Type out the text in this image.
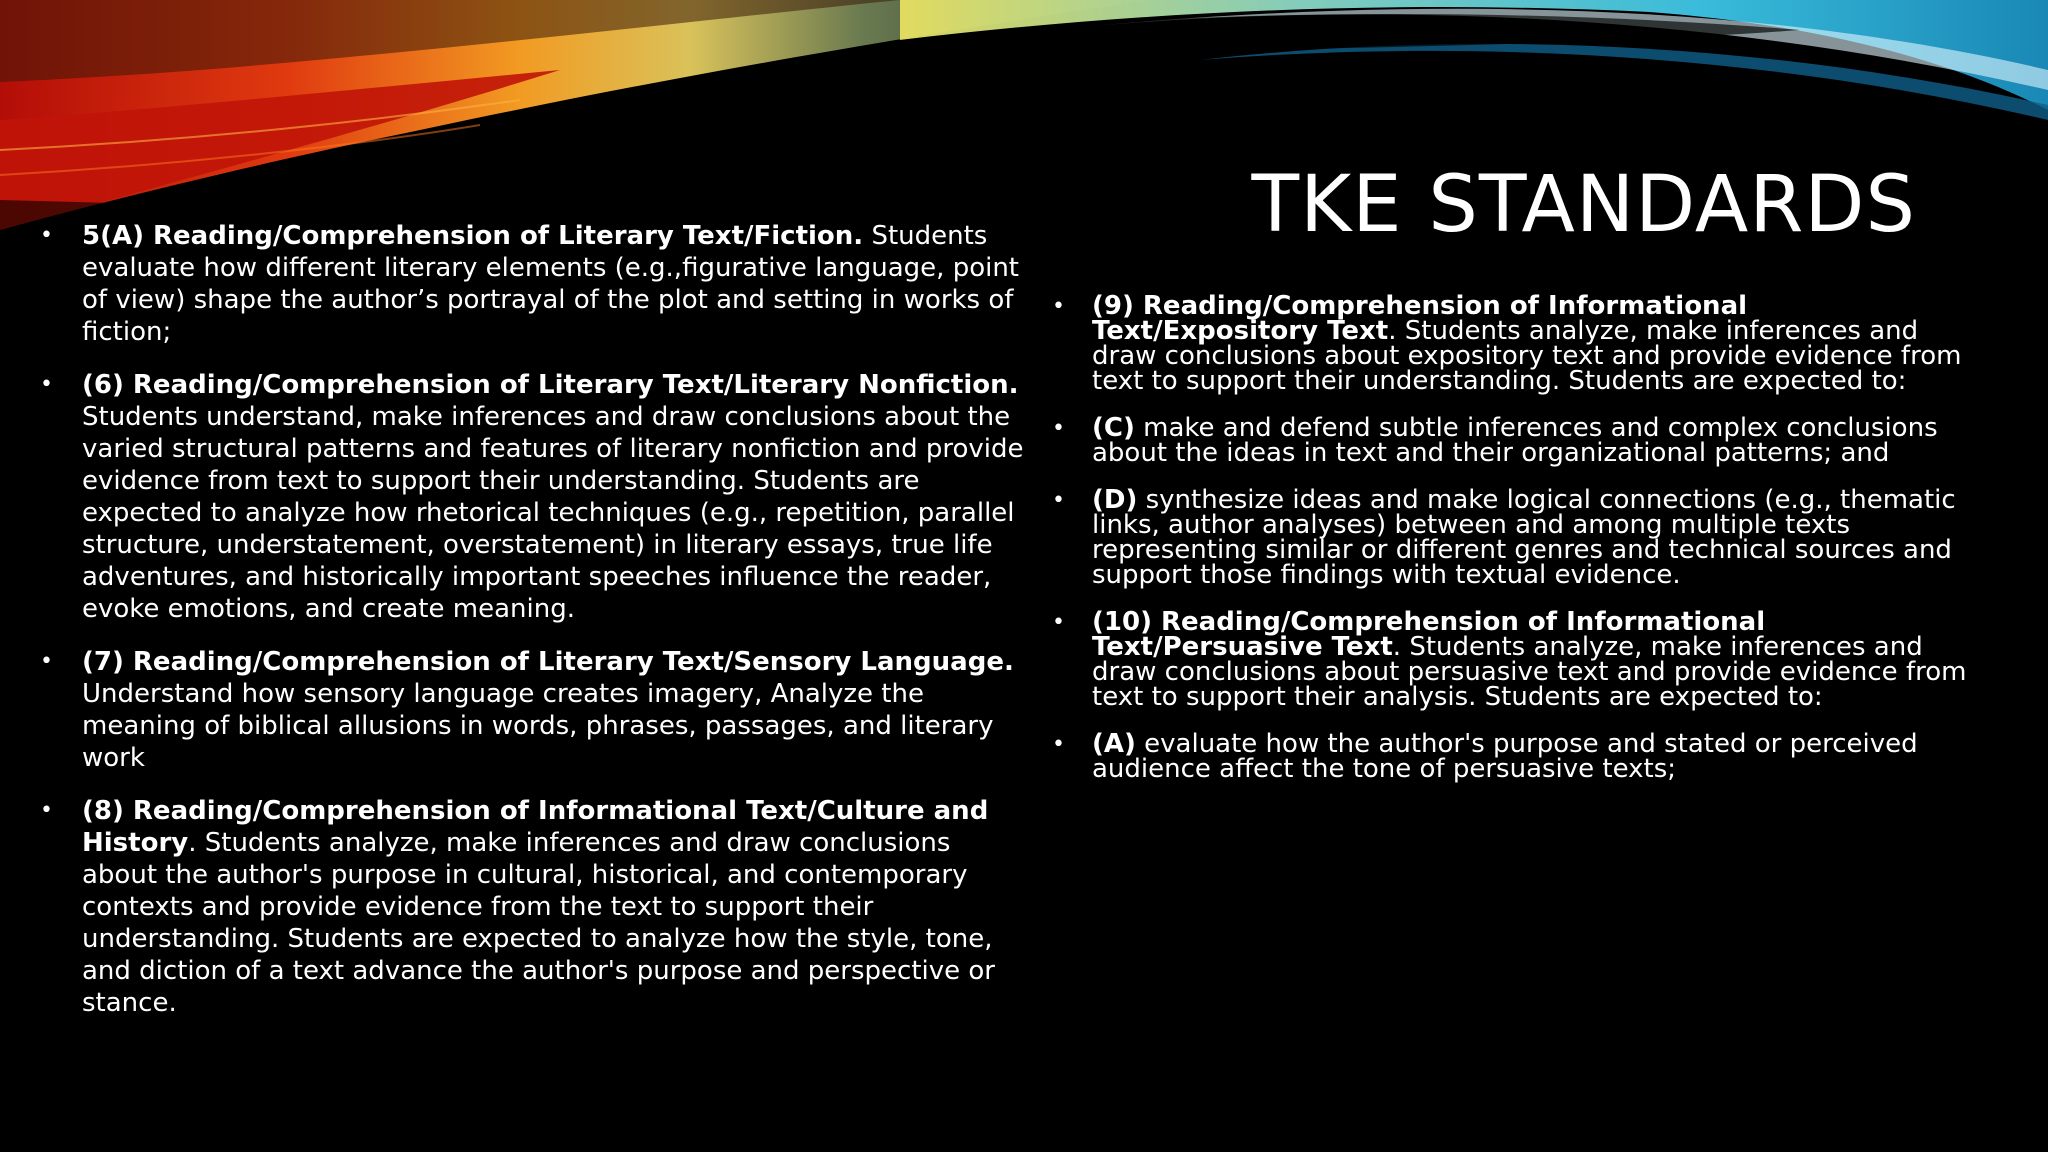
TKE STANDARDS
• 5(A) Reading/Comprehension of Literary Text/Fiction. Students evaluate how different literary elements (e.g.,figurative language, point of view) shape the author’s portrayal of the plot and setting in works of fiction;
• (6) Reading/Comprehension of Literary Text/Literary Nonfiction. Students understand, make inferences and draw conclusions about the varied structural patterns and features of literary nonfiction and provide evidence from text to support their understanding. Students are expected to analyze how rhetorical techniques (e.g., repetition, parallel structure, understatement, overstatement) in literary essays, true life adventures, and historically important speeches influence the reader, evoke emotions, and create meaning.
• (7) Reading/Comprehension of Literary Text/Sensory Language. Understand how sensory language creates imagery, Analyze the meaning of biblical allusions in words, phrases, passages, and literary work
• (8) Reading/Comprehension of Informational Text/Culture and History. Students analyze, make inferences and draw conclusions about the author's purpose in cultural, historical, and contemporary contexts and provide evidence from the text to support their understanding. Students are expected to analyze how the style, tone, and diction of a text advance the author's purpose and perspective or stance.
• (9) Reading/Comprehension of Informational Text/Expository Text. Students analyze, make inferences and draw conclusions about expository text and provide evidence from text to support their understanding. Students are expected to:
• (C) make and defend subtle inferences and complex conclusions about the ideas in text and their organizational patterns; and
• (D) synthesize ideas and make logical connections (e.g., thematic links, author analyses) between and among multiple texts representing similar or different genres and technical sources and support those findings with textual evidence.
• (10) Reading/Comprehension of Informational Text/Persuasive Text. Students analyze, make inferences and draw conclusions about persuasive text and provide evidence from text to support their analysis. Students are expected to:
• (A) evaluate how the author's purpose and stated or perceived audience affect the tone of persuasive texts;
